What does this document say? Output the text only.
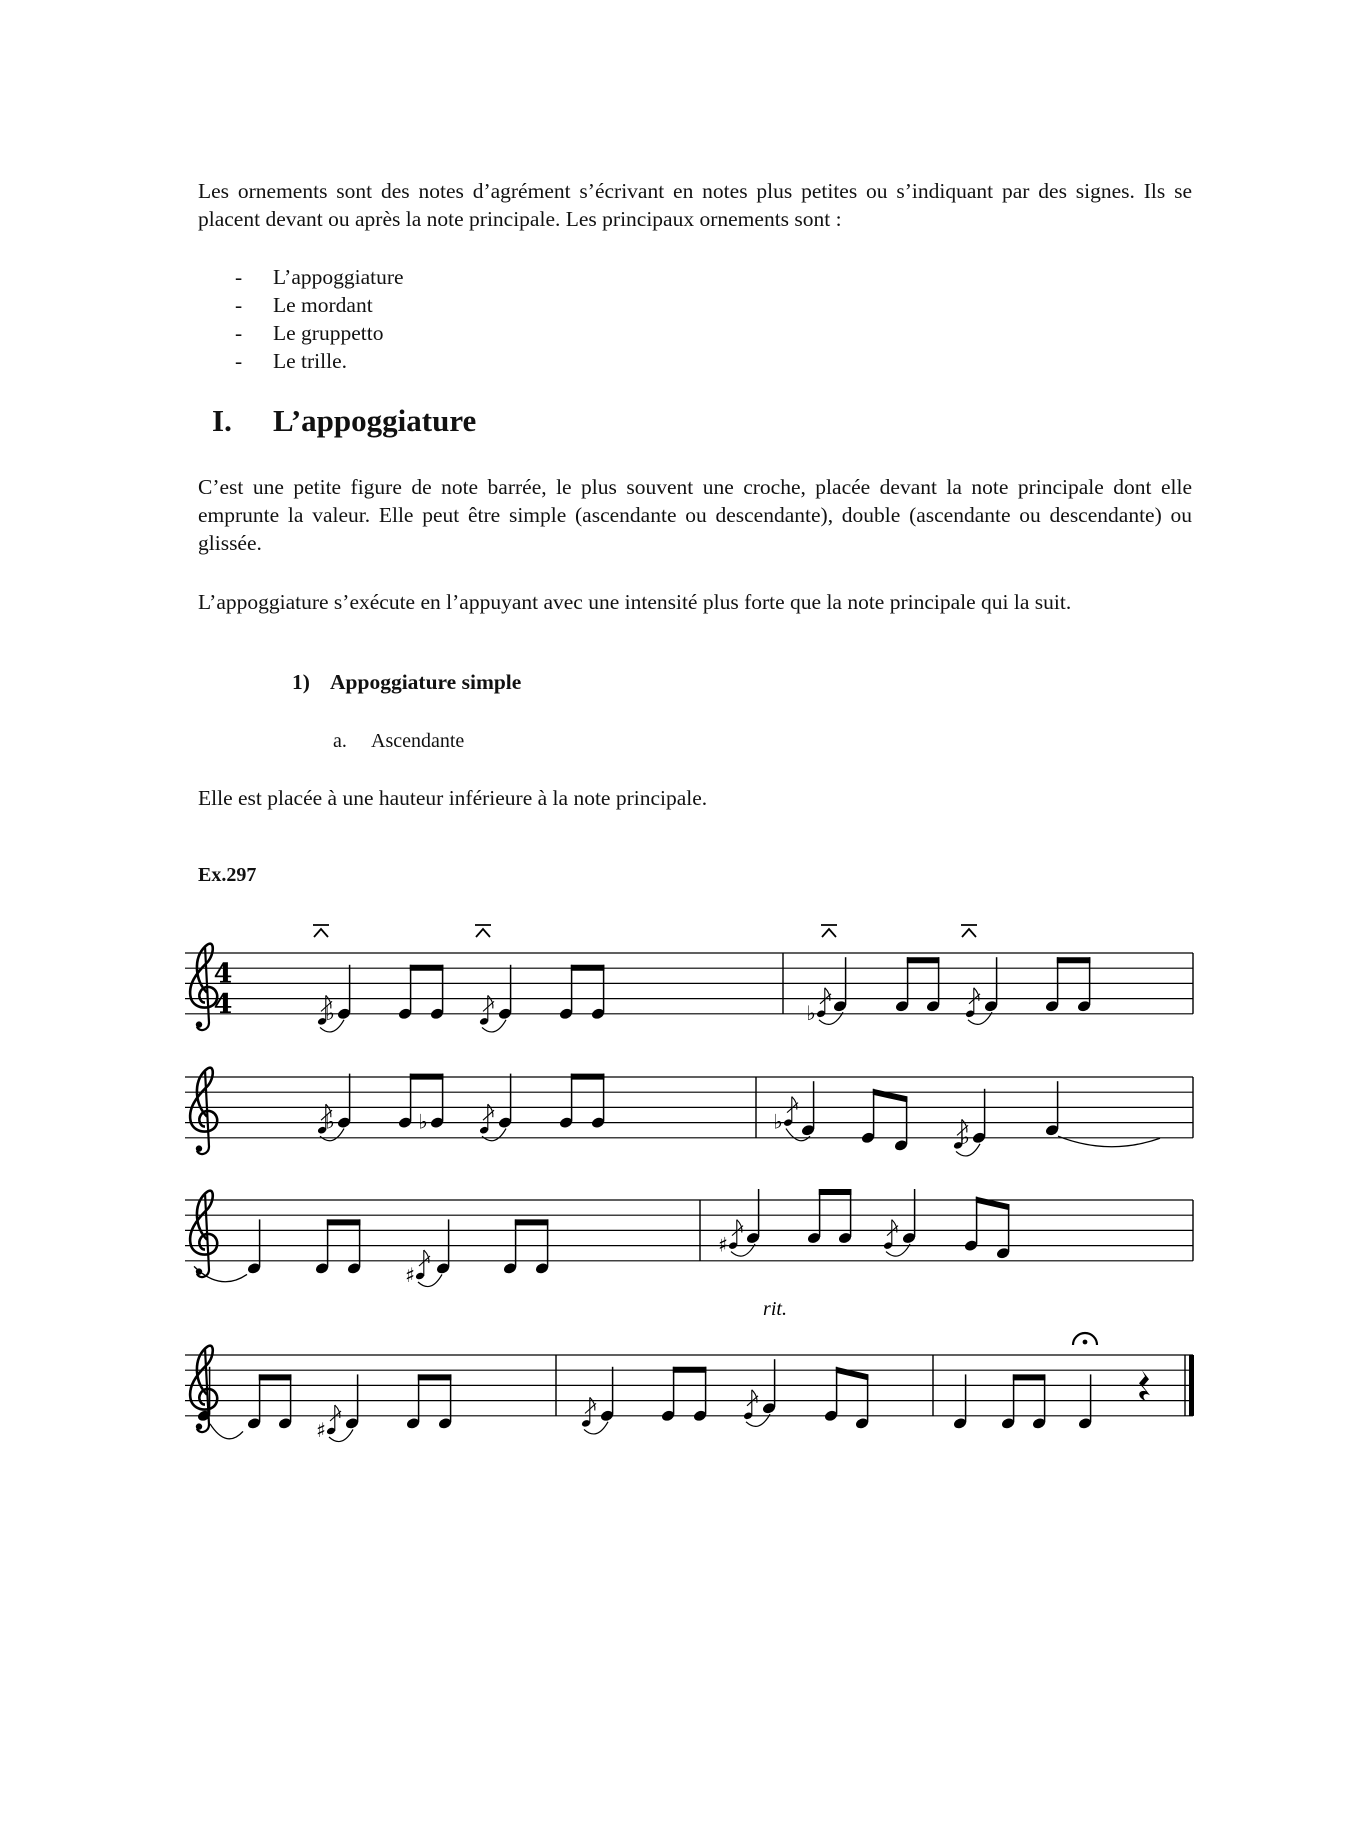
Les ornements sont des notes d’agrément s’écrivant en notes plus petites ou s’indiquant par des signes. Ils se placent devant ou après la note principale. Les principaux ornements sont :
- L’appoggiature
- Le mordant
- Le gruppetto
- Le trille.
I. L’appoggiature
C’est une petite figure de note barrée, le plus souvent une croche, placée devant la note principale dont elle emprunte la valeur. Elle peut être simple (ascendante ou descendante), double (ascendante ou descendante) ou glissée.
L’appoggiature s’exécute en l’appuyant avec une intensité plus forte que la note principale qui la suit.
1) Appoggiature simple
a. Ascendante
Elle est placée à une hauteur inférieure à la note principale.
Ex.297
4
4	♭	♭
♭	♭	♭
♭
♯
♯
♯
rit.
